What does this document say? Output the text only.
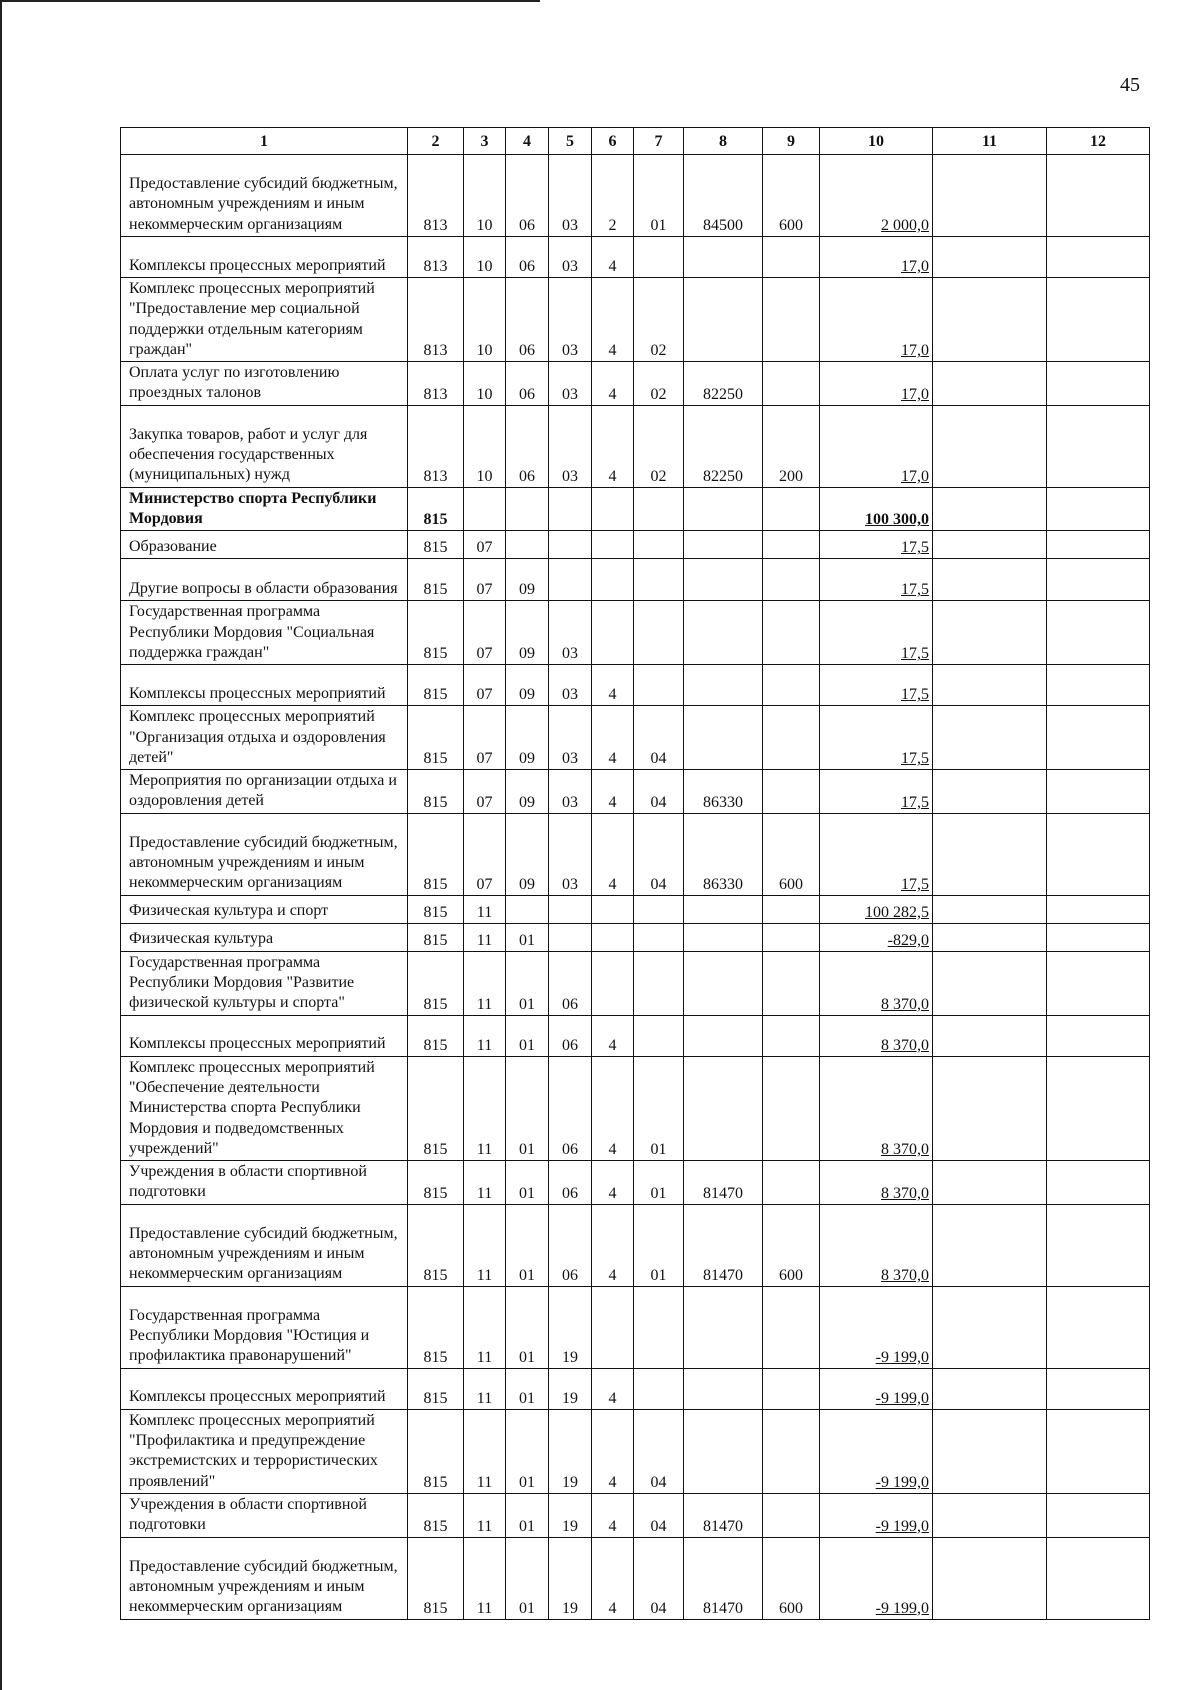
45
1	2	3	4	5	6	7	8	9	10	11	12
Предоставление субсидий бюджетным, автономным учреждениям и иным некоммерческим организациям	813	10	06	03	2	01	84500	600	2 000,0		
Комплексы процессных мероприятий	813	10	06	03	4				17,0		
Комплекс процессных мероприятий "Предоставление мер социальной поддержки отдельным категориям граждан"	813	10	06	03	4	02			17,0		
Оплата услуг по изготовлению проездных талонов	813	10	06	03	4	02	82250		17,0		
Закупка товаров, работ и услуг для обеспечения государственных (муниципальных) нужд	813	10	06	03	4	02	82250	200	17,0		
Министерство спорта Республики Мордовия	815								100 300,0		
Образование	815	07							17,5		
Другие вопросы в области образования	815	07	09						17,5		
Государственная программа Республики Мордовия "Социальная поддержка граждан"	815	07	09	03					17,5		
Комплексы процессных мероприятий	815	07	09	03	4				17,5		
Комплекс процессных мероприятий "Организация отдыха и оздоровления детей"	815	07	09	03	4	04			17,5		
Мероприятия по организации отдыха и оздоровления детей	815	07	09	03	4	04	86330		17,5		
Предоставление субсидий бюджетным, автономным учреждениям и иным некоммерческим организациям	815	07	09	03	4	04	86330	600	17,5		
Физическая культура и спорт	815	11							100 282,5		
Физическая культура	815	11	01						-829,0		
Государственная программа Республики Мордовия "Развитие физической культуры и спорта"	815	11	01	06					8 370,0		
Комплексы процессных мероприятий	815	11	01	06	4				8 370,0		
Комплекс процессных мероприятий "Обеспечение деятельности Министерства спорта Республики Мордовия и подведомственных учреждений"	815	11	01	06	4	01			8 370,0		
Учреждения в области спортивной подготовки	815	11	01	06	4	01	81470		8 370,0		
Предоставление субсидий бюджетным, автономным учреждениям и иным некоммерческим организациям	815	11	01	06	4	01	81470	600	8 370,0		
Государственная программа Республики Мордовия "Юстиция и профилактика правонарушений"	815	11	01	19					-9 199,0		
Комплексы процессных мероприятий	815	11	01	19	4				-9 199,0		
Комплекс процессных мероприятий "Профилактика и предупреждение экстремистских и террористических проявлений"	815	11	01	19	4	04			-9 199,0		
Учреждения в области спортивной подготовки	815	11	01	19	4	04	81470		-9 199,0		
Предоставление субсидий бюджетным, автономным учреждениям и иным некоммерческим организациям	815	11	01	19	4	04	81470	600	-9 199,0		
